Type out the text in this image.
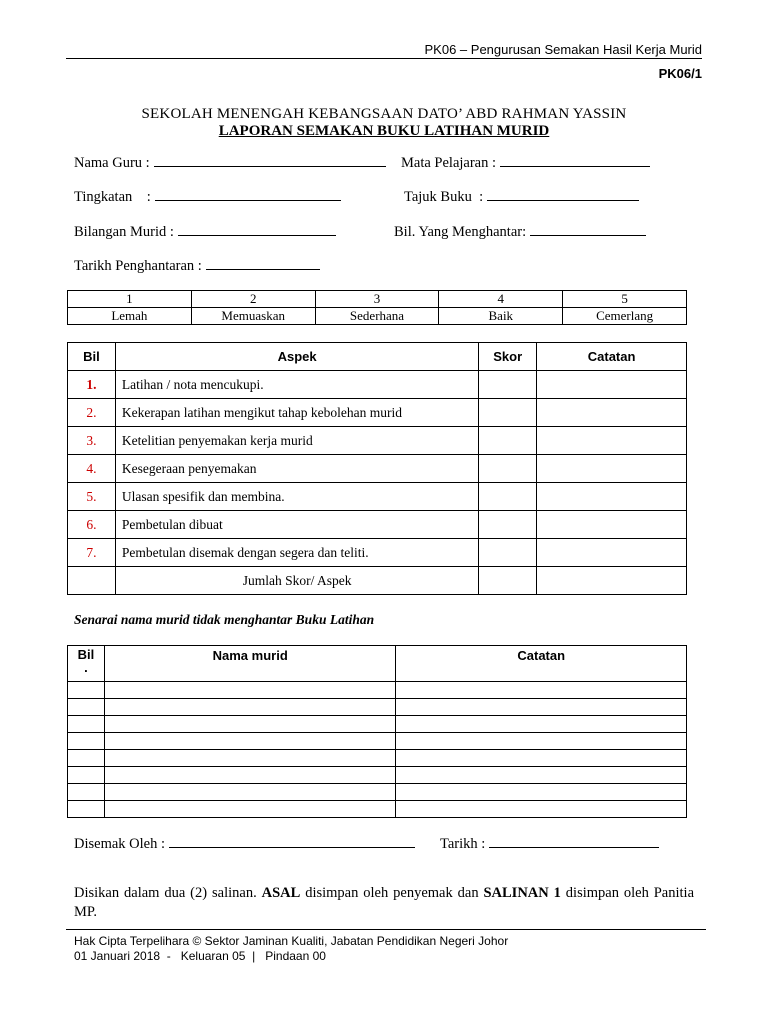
PK06 – Pengurusan Semakan Hasil Kerja Murid
PK06/1
SEKOLAH MENENGAH KEBANGSAAN DATO’ ABD RAHMAN YASSIN
LAPORAN SEMAKAN BUKU LATIHAN MURID
Nama Guru :	Mata Pelajaran :
Tingkatan    :	Tajuk Buku  :
Bilangan Murid :	Bil. Yang Menghantar:
Tarikh Penghantaran :
1	2	3	4	5
Lemah	Memuaskan	Sederhana	Baik	Cemerlang
Bil	Aspek	Skor	Catatan
1.	Latihan / nota mencukupi.		
2.	Kekerapan latihan mengikut tahap kebolehan murid		
3.	Ketelitian penyemakan kerja murid		
4.	Kesegeraan penyemakan		
5.	Ulasan spesifik dan membina.		
6.	Pembetulan dibuat		
7.	Pembetulan disemak dengan segera dan teliti.		
	Jumlah Skor/ Aspek		
Senarai nama murid tidak menghantar Buku Latihan
Bil
.	Nama murid	Catatan

Disemak Oleh :	Tarikh :
Disikan dalam dua (2) salinan. ASAL disimpan oleh penyemak dan SALINAN 1 disimpan oleh Panitia MP.
Hak Cipta Terpelihara © Sektor Jaminan Kualiti, Jabatan Pendidikan Negeri Johor
01 Januari 2018  -   Keluaran 05  |   Pindaan 00
